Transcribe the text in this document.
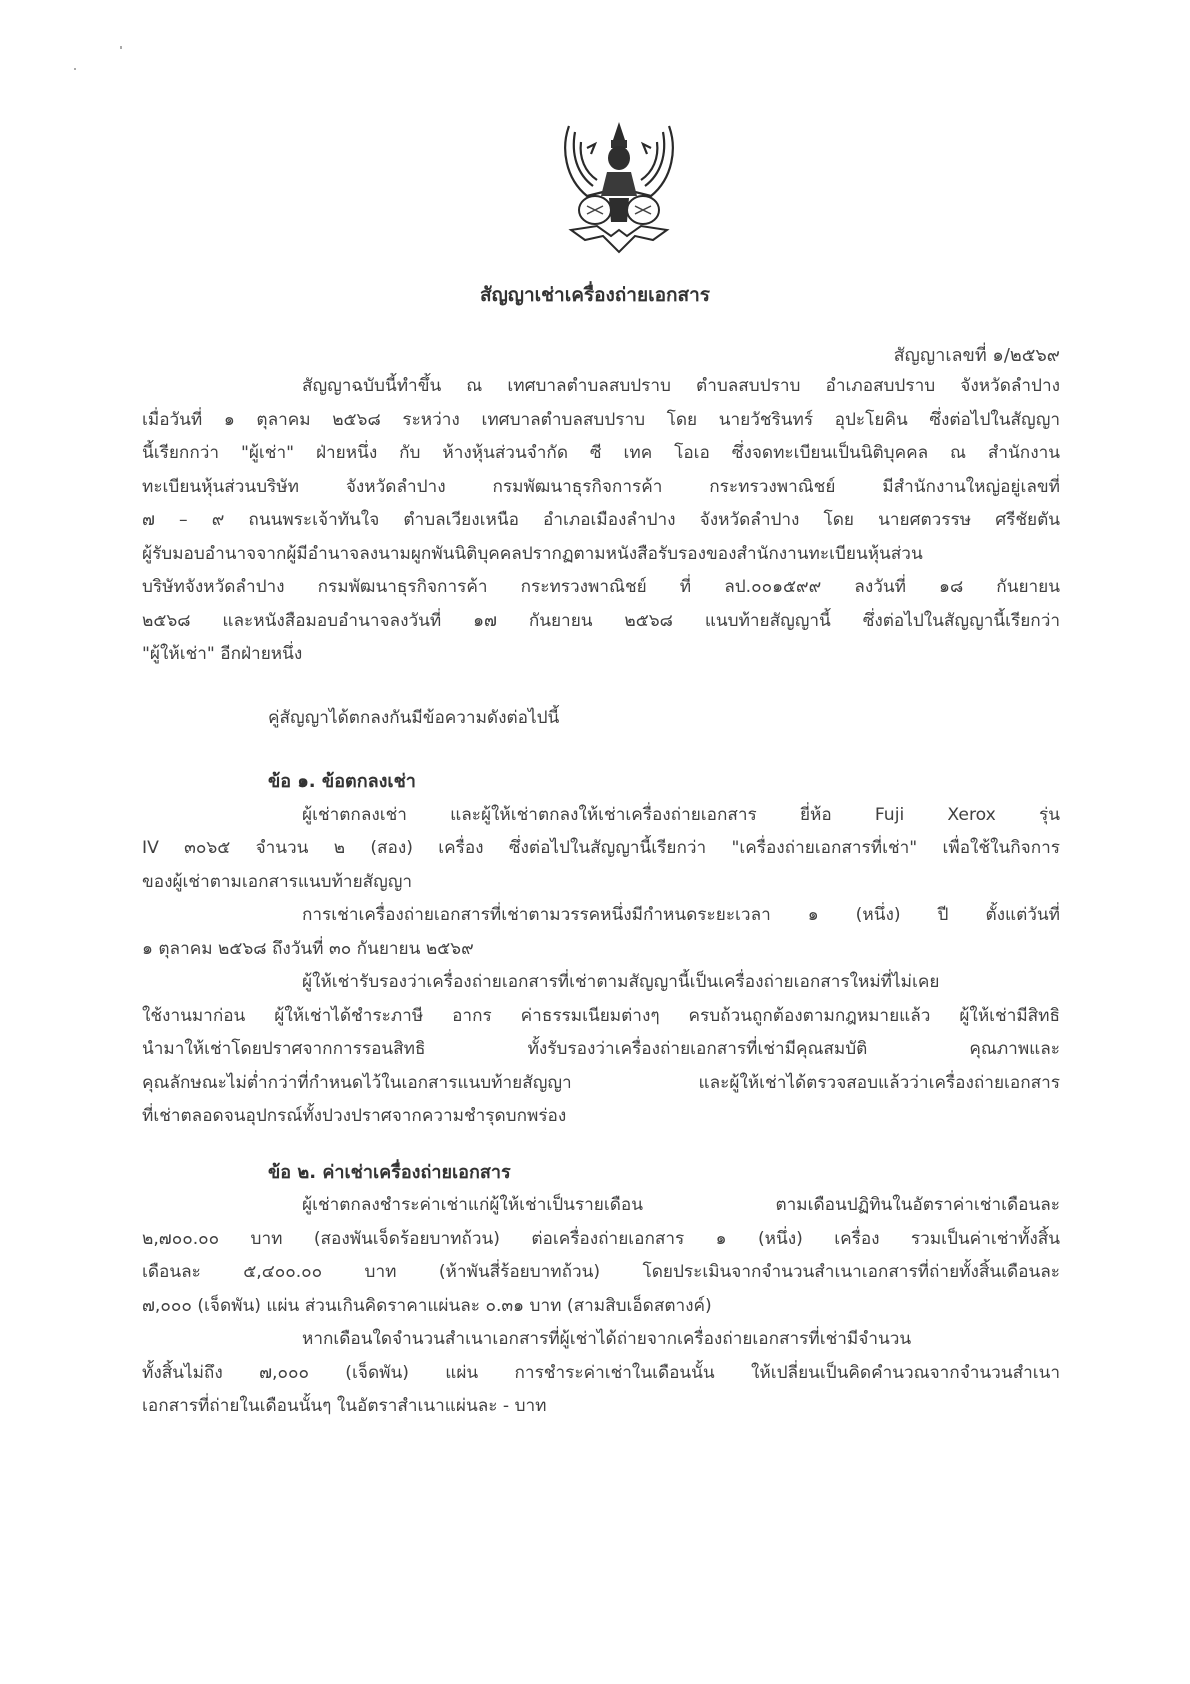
สัญญาเช่าเครื่องถ่ายเอกสาร
สัญญาเลขที่ ๑/๒๕๖๙
สัญญาฉบับนี้ทำขึ้น ณ เทศบาลตำบลสบปราบ ตำบลสบปราบ อำเภอสบปราบ จังหวัดลำปาง
เมื่อวันที่ ๑ ตุลาคม ๒๕๖๘ ระหว่าง เทศบาลตำบลสบปราบ โดย นายวัชรินทร์ อุปะโยคิน ซึ่งต่อไปในสัญญา
นี้เรียกกว่า "ผู้เช่า" ฝ่ายหนึ่ง กับ ห้างหุ้นส่วนจำกัด ซี เทค โอเอ ซึ่งจดทะเบียนเป็นนิติบุคคล ณ สำนักงาน
ทะเบียนหุ้นส่วนบริษัท จังหวัดลำปาง กรมพัฒนาธุรกิจการค้า กระทรวงพาณิชย์ มีสำนักงานใหญ่อยู่เลขที่
๗ – ๙ ถนนพระเจ้าทันใจ ตำบลเวียงเหนือ อำเภอเมืองลำปาง จังหวัดลำปาง โดย นายศตวรรษ ศรีชัยตัน
ผู้รับมอบอำนาจจากผู้มีอำนาจลงนามผูกพันนิติบุคคลปรากฏตามหนังสือรับรองของสำนักงานทะเบียนหุ้นส่วน
บริษัทจังหวัดลำปาง กรมพัฒนาธุรกิจการค้า กระทรวงพาณิชย์ ที่ ลป.๐๐๑๕๙๙ ลงวันที่ ๑๘ กันยายน
๒๕๖๘ และหนังสือมอบอำนาจลงวันที่ ๑๗ กันยายน ๒๕๖๘ แนบท้ายสัญญานี้ ซึ่งต่อไปในสัญญานี้เรียกว่า
"ผู้ให้เช่า" อีกฝ่ายหนึ่ง
คู่สัญญาได้ตกลงกันมีข้อความดังต่อไปนี้
ข้อ ๑. ข้อตกลงเช่า
ผู้เช่าตกลงเช่า และผู้ให้เช่าตกลงให้เช่าเครื่องถ่ายเอกสาร ยี่ห้อ Fuji Xerox รุ่น
IV ๓๐๖๕ จำนวน ๒ (สอง) เครื่อง ซึ่งต่อไปในสัญญานี้เรียกว่า "เครื่องถ่ายเอกสารที่เช่า" เพื่อใช้ในกิจการ
ของผู้เช่าตามเอกสารแนบท้ายสัญญา
การเช่าเครื่องถ่ายเอกสารที่เช่าตามวรรคหนึ่งมีกำหนดระยะเวลา ๑ (หนึ่ง) ปี ตั้งแต่วันที่
๑ ตุลาคม ๒๕๖๘ ถึงวันที่ ๓๐ กันยายน ๒๕๖๙
ผู้ให้เช่ารับรองว่าเครื่องถ่ายเอกสารที่เช่าตามสัญญานี้เป็นเครื่องถ่ายเอกสารใหม่ที่ไม่เคย
ใช้งานมาก่อน ผู้ให้เช่าได้ชำระภาษี อากร ค่าธรรมเนียมต่างๆ ครบถ้วนถูกต้องตามกฎหมายแล้ว ผู้ให้เช่ามีสิทธิ
นำมาให้เช่าโดยปราศจากการรอนสิทธิ ทั้งรับรองว่าเครื่องถ่ายเอกสารที่เช่ามีคุณสมบัติ คุณภาพและ
คุณลักษณะไม่ต่ำกว่าที่กำหนดไว้ในเอกสารแนบท้ายสัญญา และผู้ให้เช่าได้ตรวจสอบแล้วว่าเครื่องถ่ายเอกสาร
ที่เช่าตลอดจนอุปกรณ์ทั้งปวงปราศจากความชำรุดบกพร่อง
ข้อ ๒. ค่าเช่าเครื่องถ่ายเอกสาร
ผู้เช่าตกลงชำระค่าเช่าแก่ผู้ให้เช่าเป็นรายเดือน ตามเดือนปฏิทินในอัตราค่าเช่าเดือนละ
๒,๗๐๐.๐๐ บาท (สองพันเจ็ดร้อยบาทถ้วน) ต่อเครื่องถ่ายเอกสาร ๑ (หนึ่ง) เครื่อง รวมเป็นค่าเช่าทั้งสิ้น
เดือนละ ๕,๔๐๐.๐๐ บาท (ห้าพันสี่ร้อยบาทถ้วน) โดยประเมินจากจำนวนสำเนาเอกสารที่ถ่ายทั้งสิ้นเดือนละ
๗,๐๐๐ (เจ็ดพัน) แผ่น ส่วนเกินคิดราคาแผ่นละ ๐.๓๑ บาท (สามสิบเอ็ดสตางค์)
หากเดือนใดจำนวนสำเนาเอกสารที่ผู้เช่าได้ถ่ายจากเครื่องถ่ายเอกสารที่เช่ามีจำนวน
ทั้งสิ้นไม่ถึง ๗,๐๐๐ (เจ็ดพัน) แผ่น การชำระค่าเช่าในเดือนนั้น ให้เปลี่ยนเป็นคิดคำนวณจากจำนวนสำเนา
เอกสารที่ถ่ายในเดือนนั้นๆ ในอัตราสำเนาแผ่นละ - บาท
